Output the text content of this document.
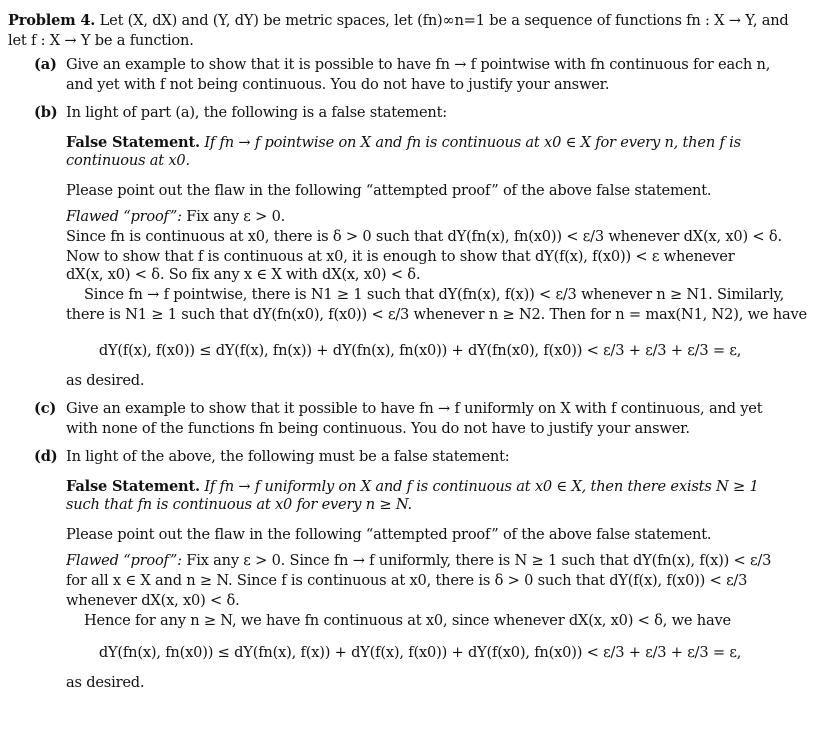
Problem 4. Let (X, dX) and (Y, dY) be metric spaces, let (fn)∞n=1 be a sequence of functions fn : X → Y, and
let f : X → Y be a function.
(a) Give an example to show that it is possible to have fn → f pointwise with fn continuous for each n,
and yet with f not being continuous. You do not have to justify your answer.
(b) In light of part (a), the following is a false statement:
False Statement. If fn → f pointwise on X and fn is continuous at x0 ∈ X for every n, then f is
continuous at x0.
Please point out the flaw in the following “attempted proof” of the above false statement.
Flawed “proof”: Fix any ε > 0.
Since fn is continuous at x0, there is δ > 0 such that dY(fn(x), fn(x0)) < ε/3 whenever dX(x, x0) < δ.
Now to show that f is continuous at x0, it is enough to show that dY(f(x), f(x0)) < ε whenever
dX(x, x0) < δ. So fix any x ∈ X with dX(x, x0) < δ.
Since fn → f pointwise, there is N1 ≥ 1 such that dY(fn(x), f(x)) < ε/3 whenever n ≥ N1. Similarly,
there is N1 ≥ 1 such that dY(fn(x0), f(x0)) < ε/3 whenever n ≥ N2. Then for n = max(N1, N2), we have
dY(f(x), f(x0)) ≤ dY(f(x), fn(x)) + dY(fn(x), fn(x0)) + dY(fn(x0), f(x0)) < ε/3 + ε/3 + ε/3 = ε,
as desired.
(c) Give an example to show that it possible to have fn → f uniformly on X with f continuous, and yet
with none of the functions fn being continuous. You do not have to justify your answer.
(d) In light of the above, the following must be a false statement:
False Statement. If fn → f uniformly on X and f is continuous at x0 ∈ X, then there exists N ≥ 1
such that fn is continuous at x0 for every n ≥ N.
Please point out the flaw in the following “attempted proof” of the above false statement.
Flawed “proof”: Fix any ε > 0. Since fn → f uniformly, there is N ≥ 1 such that dY(fn(x), f(x)) < ε/3
for all x ∈ X and n ≥ N. Since f is continuous at x0, there is δ > 0 such that dY(f(x), f(x0)) < ε/3
whenever dX(x, x0) < δ.
Hence for any n ≥ N, we have fn continuous at x0, since whenever dX(x, x0) < δ, we have
dY(fn(x), fn(x0)) ≤ dY(fn(x), f(x)) + dY(f(x), f(x0)) + dY(f(x0), fn(x0)) < ε/3 + ε/3 + ε/3 = ε,
as desired.
